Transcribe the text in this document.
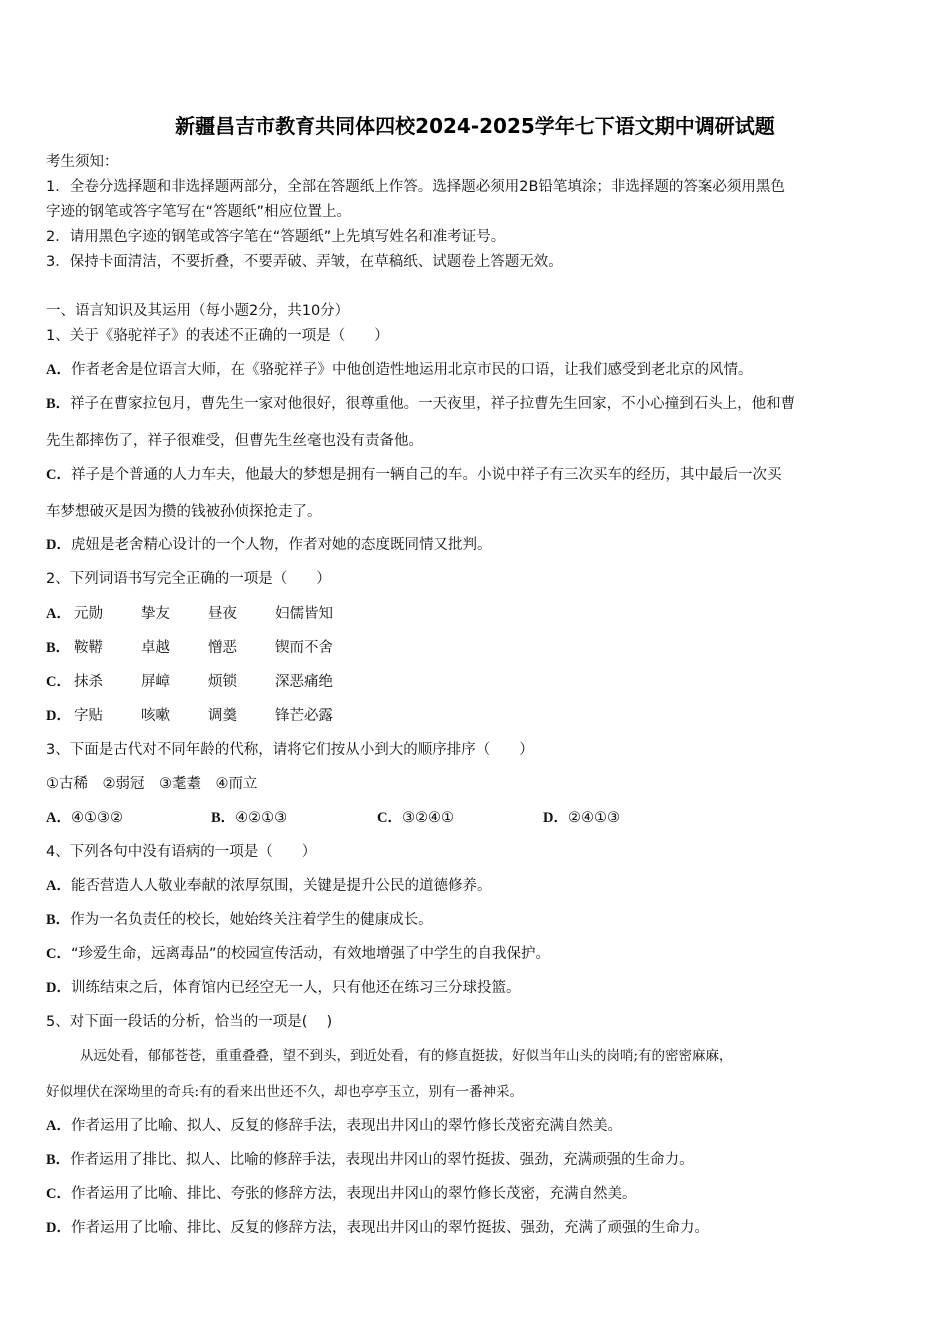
新疆昌吉市教育共同体四校2024-2025学年七下语文期中调研试题
考生须知：
1．全卷分选择题和非选择题两部分，全部在答题纸上作答。选择题必须用2B铅笔填涂；非选择题的答案必须用黑色
字迹的钢笔或答字笔写在“答题纸”相应位置上。
2．请用黑色字迹的钢笔或答字笔在“答题纸”上先填写姓名和准考证号。
3．保持卡面清洁，不要折叠，不要弄破、弄皱，在草稿纸、试题卷上答题无效。
一、语言知识及其运用（每小题2分，共10分）
1、关于《骆驼祥子》的表述不正确的一项是（　　）
A．作者老舍是位语言大师，在《骆驼祥子》中他创造性地运用北京市民的口语，让我们感受到老北京的风情。
B．祥子在曹家拉包月，曹先生一家对他很好，很尊重他。一天夜里，祥子拉曹先生回家，不小心撞到石头上，他和曹
先生都摔伤了，祥子很难受，但曹先生丝毫也没有责备他。
C．祥子是个普通的人力车夫，他最大的梦想是拥有一辆自己的车。小说中祥子有三次买车的经历，其中最后一次买
车梦想破灭是因为攒的钱被孙侦探抢走了。
D．虎妞是老舍精心设计的一个人物，作者对她的态度既同情又批判。
2、下列词语书写完全正确的一项是（　　）
A． 元勋	挚友	昼夜	妇儒皆知
B． 鞍鞯	卓越	憎恶	锲而不舍
C． 抹杀	屏嶂	烦锁	深恶痛绝
D． 字贴	咳嗽	调羹	锋芒必露
3、下面是古代对不同年龄的代称，请将它们按从小到大的顺序排序（　　）
①古稀　②弱冠　③耄耋　④而立
A．④①③②	B．④②①③	C．③②④①	D．②④①③
4、下列各句中没有语病的一项是（　　）
A．能否营造人人敬业奉献的浓厚氛围，关键是提升公民的道德修养。
B．作为一名负责任的校长，她始终关注着学生的健康成长。
C．“珍爱生命，远离毒品”的校园宣传活动，有效地增强了中学生的自我保护。
D．训练结束之后，体育馆内已经空无一人，只有他还在练习三分球投篮。
5、对下面一段话的分析，恰当的一项是(　 )
从远处看，郁郁苍苍，重重叠叠，望不到头，到近处看，有的修直挺拔，好似当年山头的岗哨;有的密密麻麻，
好似埋伏在深坳里的奇兵:有的看来出世还不久，却也亭亭玉立，别有一番神采。
A．作者运用了比喻、拟人、反复的修辞手法，表现出井冈山的翠竹修长茂密充满自然美。
B．作者运用了排比、拟人、比喻的修辞手法，表现出井冈山的翠竹挺拔、强劲，充满顽强的生命力。
C．作者运用了比喻、排比、夸张的修辞方法，表现出井冈山的翠竹修长茂密，充满自然美。
D．作者运用了比喻、排比、反复的修辞方法，表现出井冈山的翠竹挺拔、强劲，充满了顽强的生命力。
